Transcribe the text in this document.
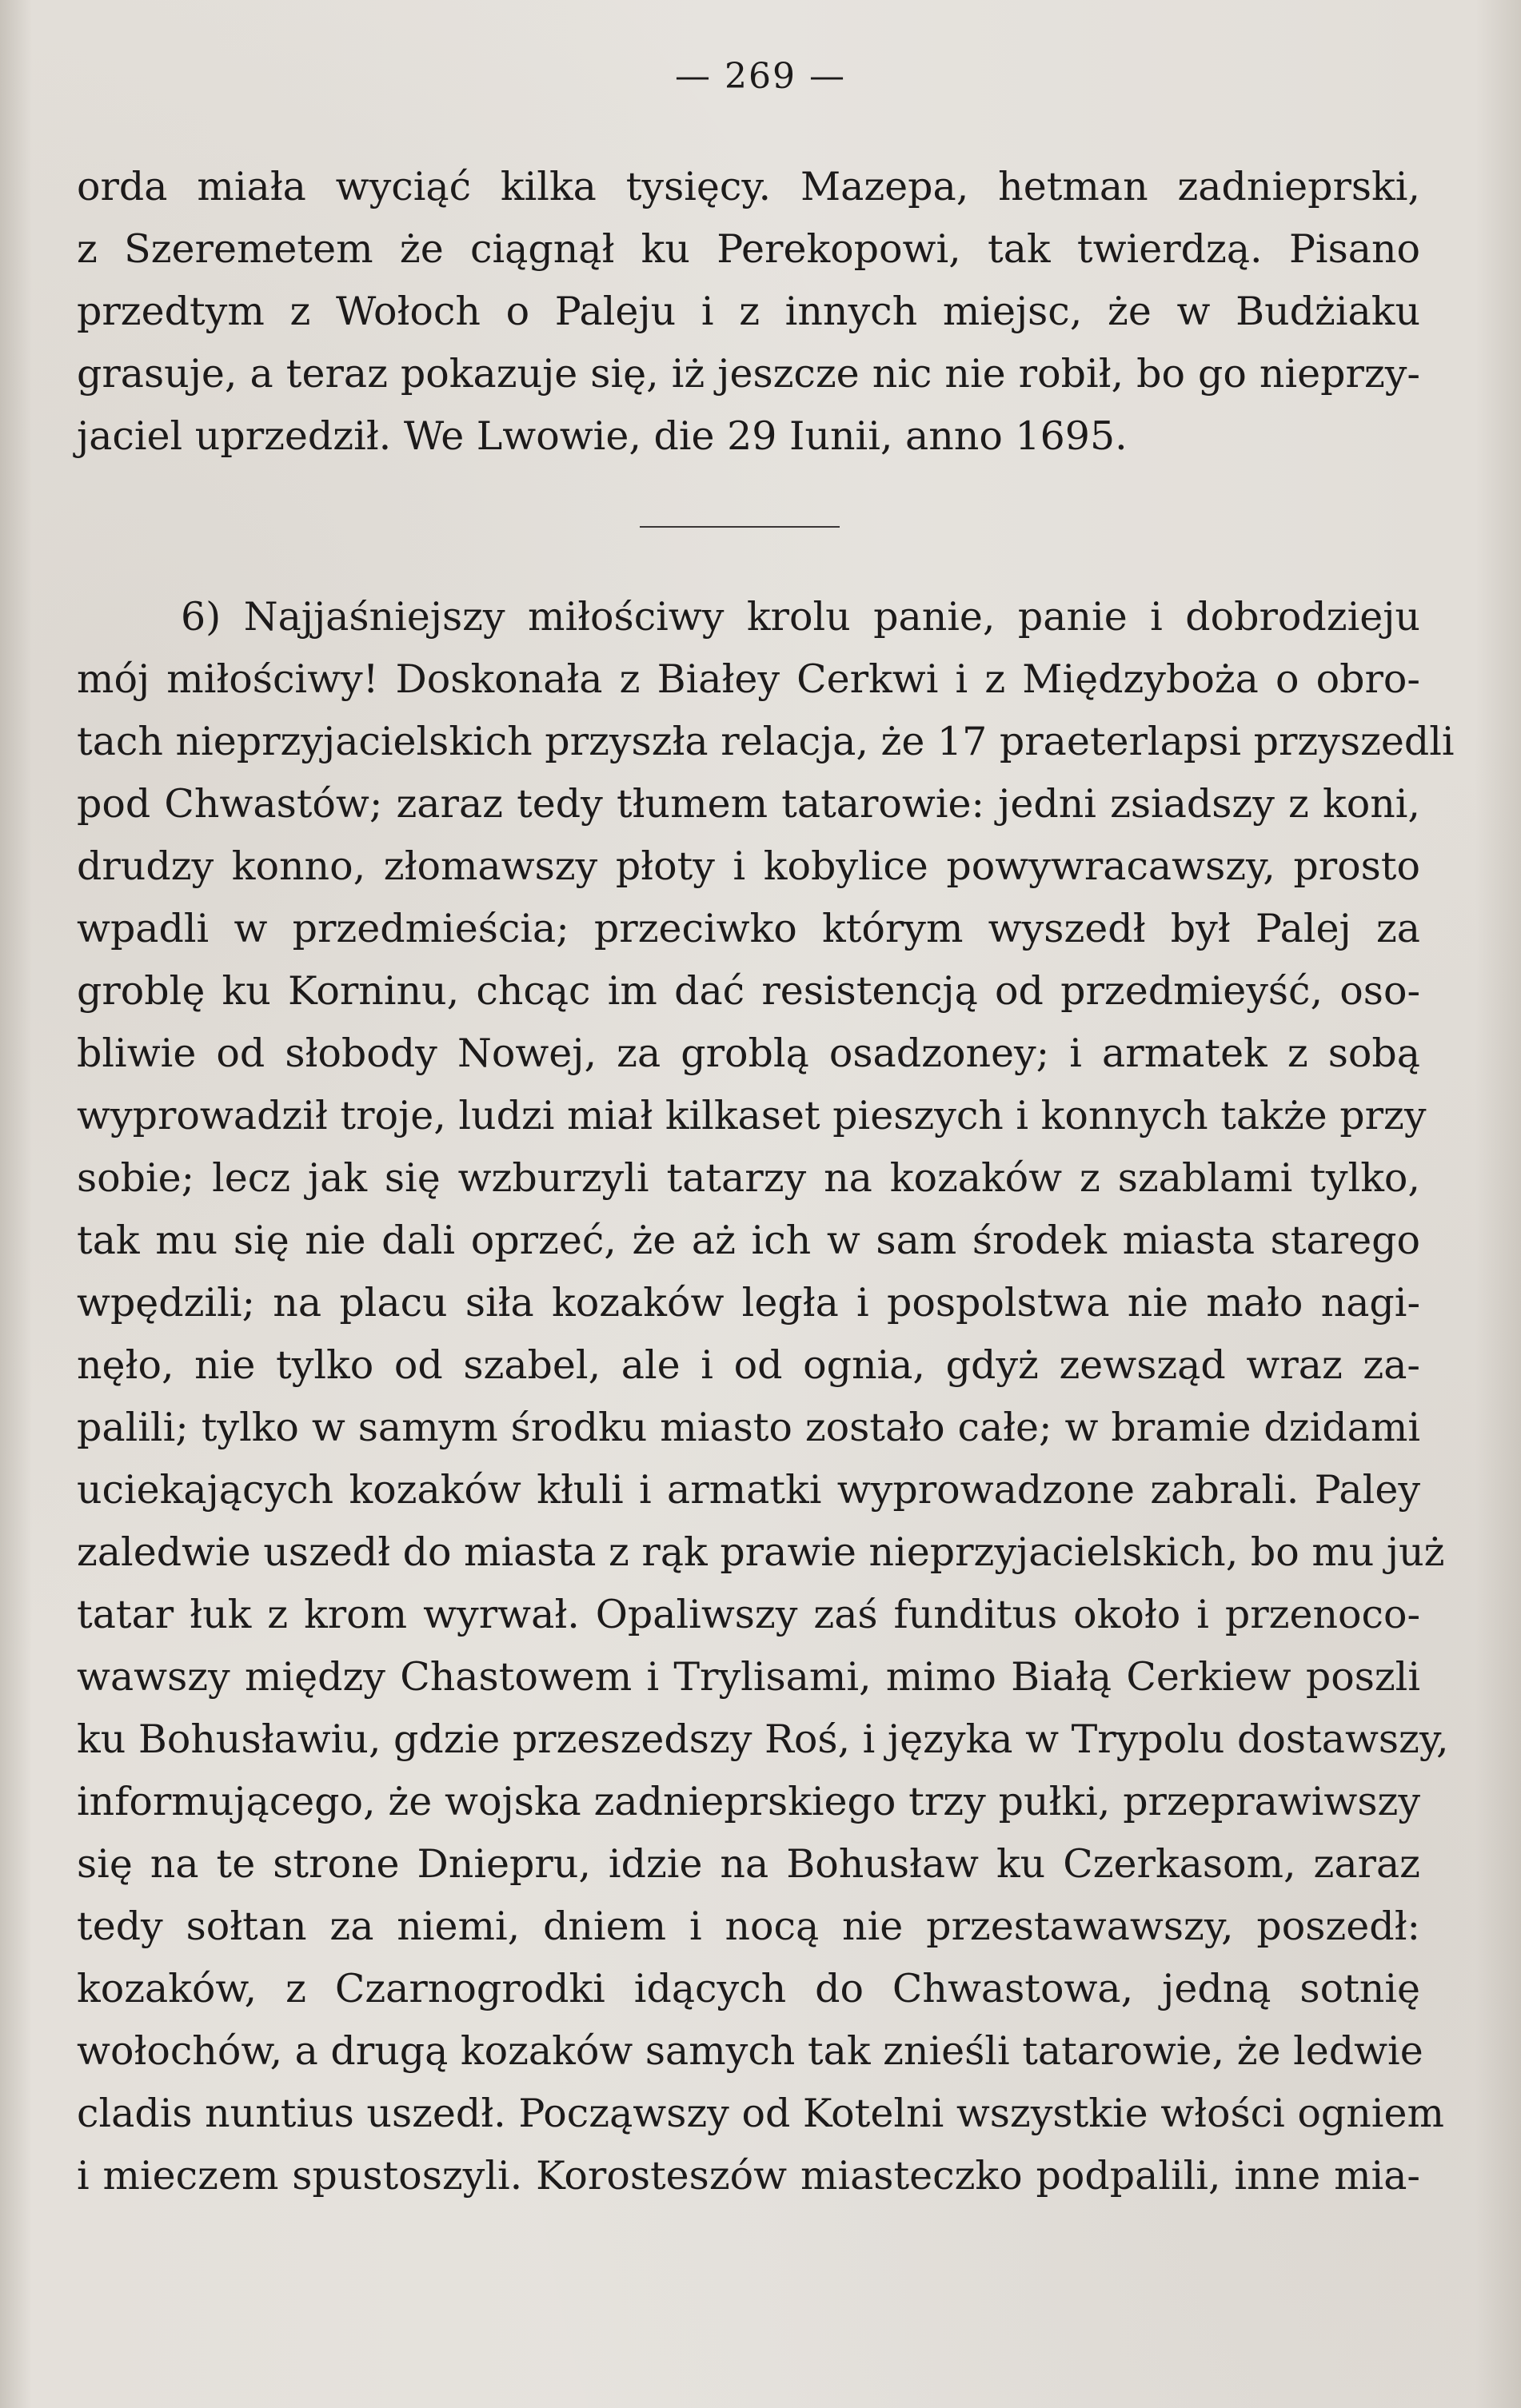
— 269 —
orda miała wyciąć kilka tysięcy. Mazepa, hetman zadnieprski,
z Szeremetem że ciągnął ku Perekopowi, tak twierdzą. Pisano
przedtym z Wołoch o Paleju i z innych miejsc, że w Budżiaku
grasuje, a teraz pokazuje się, iż jeszcze nic nie robił, bo go nieprzy-
jaciel uprzedził. We Lwowie, die 29 Iunii, anno 1695.
6) Najjaśniejszy miłościwy krolu panie, panie i dobrodzieju
mój miłościwy! Doskonała z Białey Cerkwi i z Międzyboża o obro-
tach nieprzyjacielskich przyszła relacja, że 17 praeterlapsi przyszedli
pod Chwastów; zaraz tedy tłumem tatarowie: jedni zsiadszy z koni,
drudzy konno, złomawszy płoty i kobylice powywracawszy, prosto
wpadli w przedmieścia; przeciwko którym wyszedł był Palej za
groblę ku Korninu, chcąc im dać resistencją od przedmieyść, oso-
bliwie od słobody Nowej, za groblą osadzoney; i armatek z sobą
wyprowadził troje, ludzi miał kilkaset pieszych i konnych także przy
sobie; lecz jak się wzburzyli tatarzy na kozaków z szablami tylko,
tak mu się nie dali oprzeć, że aż ich w sam środek miasta starego
wpędzili; na placu siła kozaków legła i pospolstwa nie mało nagi-
nęło, nie tylko od szabel, ale i od ognia, gdyż zewsząd wraz za-
palili; tylko w samym środku miasto zostało całe; w bramie dzidami
uciekających kozaków kłuli i armatki wyprowadzone zabrali. Paley
zaledwie uszedł do miasta z rąk prawie nieprzyjacielskich, bo mu już
tatar łuk z krom wyrwał. Opaliwszy zaś funditus około i przenoco-
wawszy między Chastowem i Trylisami, mimo Białą Cerkiew poszli
ku Bohusławiu, gdzie przeszedszy Roś, i języka w Trypolu dostawszy,
informującego, że wojska zadnieprskiego trzy pułki, przeprawiwszy
się na te strone Dniepru, idzie na Bohusław ku Czerkasom, zaraz
tedy sołtan za niemi, dniem i nocą nie przestawawszy, poszedł:
kozaków, z Czarnogrodki idących do Chwastowa, jedną sotnię
wołochów, a drugą kozaków samych tak znieśli tatarowie, że ledwie
cladis nuntius uszedł. Począwszy od Kotelni wszystkie włości ogniem
i mieczem spustoszyli. Korosteszów miasteczko podpalili, inne mia-
